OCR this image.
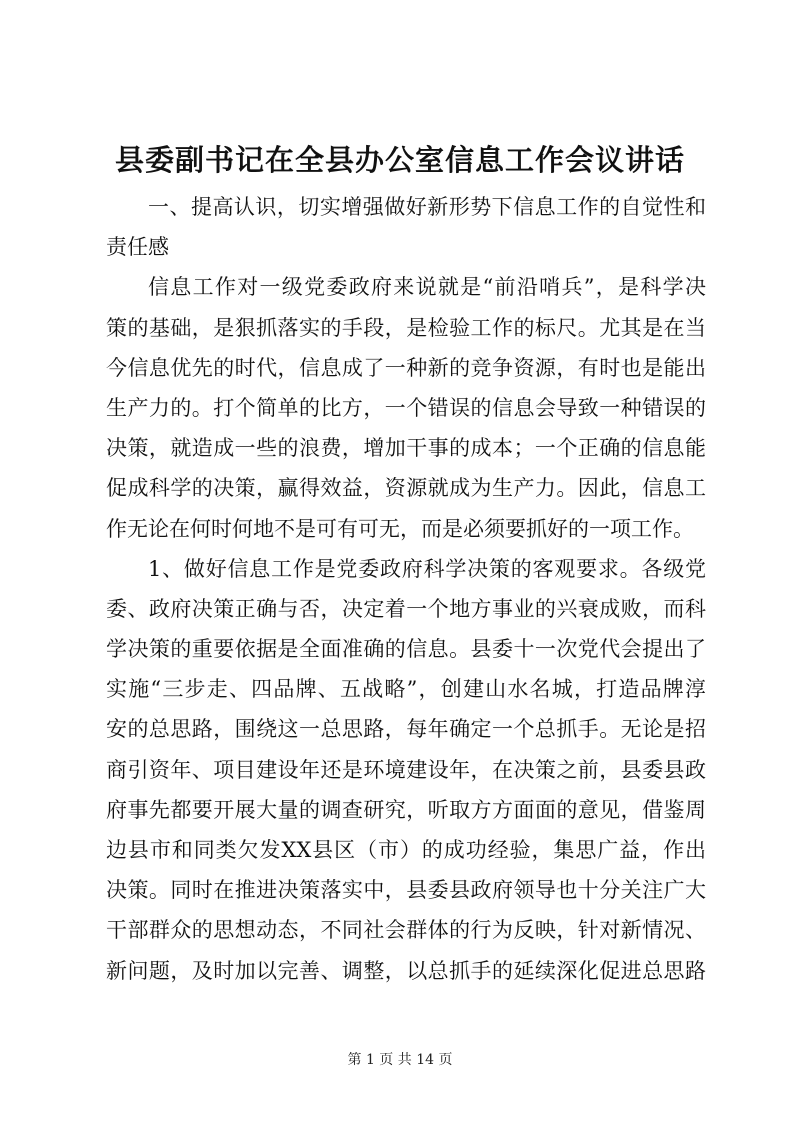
县委副书记在全县办公室信息工作会议讲话
一、提高认识，切实增强做好新形势下信息工作的自觉性和
责任感
信息工作对一级党委政府来说就是“前沿哨兵”，是科学决
策的基础，是狠抓落实的手段，是检验工作的标尺。尤其是在当
今信息优先的时代，信息成了一种新的竞争资源，有时也是能出
生产力的。打个简单的比方，一个错误的信息会导致一种错误的
决策，就造成一些的浪费，增加干事的成本；一个正确的信息能
促成科学的决策，赢得效益，资源就成为生产力。因此，信息工
作无论在何时何地不是可有可无，而是必须要抓好的一项工作。
1、做好信息工作是党委政府科学决策的客观要求。各级党
委、政府决策正确与否，决定着一个地方事业的兴衰成败，而科
学决策的重要依据是全面准确的信息。县委十一次党代会提出了
实施“三步走、四品牌、五战略”，创建山水名城，打造品牌淳
安的总思路，围绕这一总思路，每年确定一个总抓手。无论是招
商引资年、项目建设年还是环境建设年，在决策之前，县委县政
府事先都要开展大量的调查研究，听取方方面面的意见，借鉴周
边县市和同类欠发XX县区（市）的成功经验，集思广益，作出
决策。同时在推进决策落实中，县委县政府领导也十分关注广大
干部群众的思想动态，不同社会群体的行为反映，针对新情况、
新问题，及时加以完善、调整，以总抓手的延续深化促进总思路
第 1 页 共 14 页
